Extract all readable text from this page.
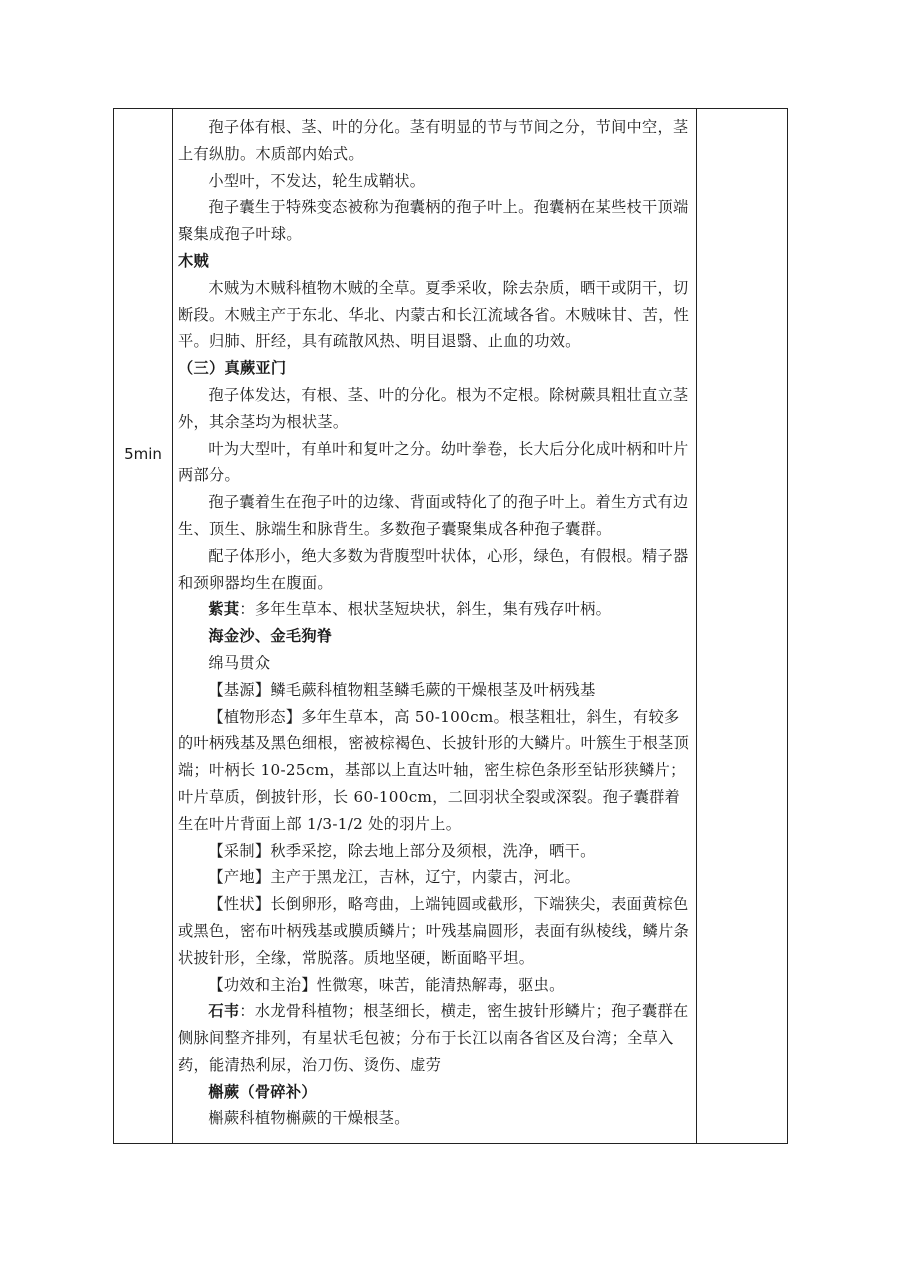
5min

孢子体有根、茎、叶的分化。茎有明显的节与节间之分，节间中空，茎上有纵肋。木质部内始式。

小型叶，不发达，轮生成鞘状。

孢子囊生于特殊变态被称为孢囊柄的孢子叶上。孢囊柄在某些枝干顶端聚集成孢子叶球。

木贼

木贼为木贼科植物木贼的全草。夏季采收，除去杂质，晒干或阴干，切断段。木贼主产于东北、华北、内蒙古和长江流域各省。木贼味甘、苦，性平。归肺、肝经，具有疏散风热、明目退翳、止血的功效。

（三）真蕨亚门

孢子体发达，有根、茎、叶的分化。根为不定根。除树蕨具粗壮直立茎外，其余茎均为根状茎。

叶为大型叶，有单叶和复叶之分。幼叶拳卷，长大后分化成叶柄和叶片两部分。

孢子囊着生在孢子叶的边缘、背面或特化了的孢子叶上。着生方式有边生、顶生、脉端生和脉背生。多数孢子囊聚集成各种孢子囊群。

配子体形小，绝大多数为背腹型叶状体，心形，绿色，有假根。精子器和颈卵器均生在腹面。

紫萁：多年生草本、根状茎短块状，斜生，集有残存叶柄。

海金沙、金毛狗脊

绵马贯众

【基源】鳞毛蕨科植物粗茎鳞毛蕨的干燥根茎及叶柄残基

【植物形态】多年生草本，高 50-100cm。根茎粗壮，斜生，有较多的叶柄残基及黑色细根，密被棕褐色、长披针形的大鳞片。叶簇生于根茎顶端；叶柄长 10-25cm，基部以上直达叶轴，密生棕色条形至钻形狭鳞片；叶片草质，倒披针形，长 60-100cm，二回羽状全裂或深裂。孢子囊群着生在叶片背面上部 1/3-1/2 处的羽片上。

【采制】秋季采挖，除去地上部分及须根，洗净，晒干。

【产地】主产于黑龙江，吉林，辽宁，内蒙古，河北。

【性状】长倒卵形，略弯曲，上端钝圆或截形，下端狭尖，表面黄棕色或黑色，密布叶柄残基或膜质鳞片；叶残基扁圆形，表面有纵棱线，鳞片条状披针形，全缘，常脱落。质地坚硬，断面略平坦。

【功效和主治】性微寒，味苦，能清热解毒，驱虫。

石韦：水龙骨科植物；根茎细长，横走，密生披针形鳞片；孢子囊群在侧脉间整齐排列，有星状毛包被；分布于长江以南各省区及台湾；全草入药，能清热利尿，治刀伤、烫伤、虚劳

槲蕨（骨碎补）

槲蕨科植物槲蕨的干燥根茎。
